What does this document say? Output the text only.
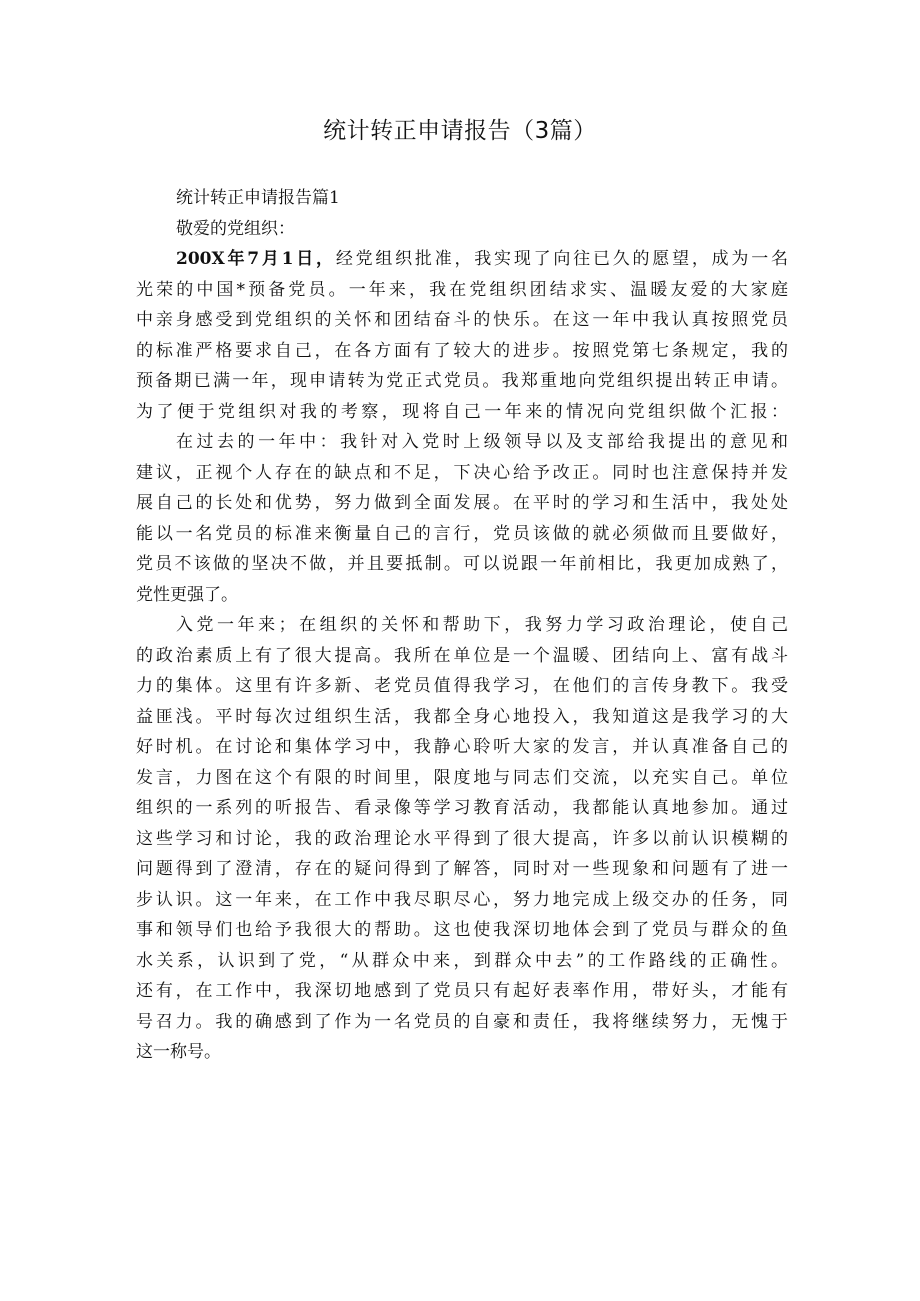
统计转正申请报告（3篇）
统计转正申请报告篇1
敬爱的党组织：
200X年7月1日，经党组织批准，我实现了向往已久的愿望，成为一名
光荣的中国*预备党员。一年来，我在党组织团结求实、温暖友爱的大家庭
中亲身感受到党组织的关怀和团结奋斗的快乐。在这一年中我认真按照党员
的标准严格要求自己，在各方面有了较大的进步。按照党第七条规定，我的
预备期已满一年，现申请转为党正式党员。我郑重地向党组织提出转正申请。
为了便于党组织对我的考察，现将自己一年来的情况向党组织做个汇报：
在过去的一年中：我针对入党时上级领导以及支部给我提出的意见和
建议，正视个人存在的缺点和不足，下决心给予改正。同时也注意保持并发
展自己的长处和优势，努力做到全面发展。在平时的学习和生活中，我处处
能以一名党员的标准来衡量自己的言行，党员该做的就必须做而且要做好，
党员不该做的坚决不做，并且要抵制。可以说跟一年前相比，我更加成熟了，
党性更强了。
入党一年来；在组织的关怀和帮助下，我努力学习政治理论，使自己
的政治素质上有了很大提高。我所在单位是一个温暖、团结向上、富有战斗
力的集体。这里有许多新、老党员值得我学习，在他们的言传身教下。我受
益匪浅。平时每次过组织生活，我都全身心地投入，我知道这是我学习的大
好时机。在讨论和集体学习中，我静心聆听大家的发言，并认真准备自己的
发言，力图在这个有限的时间里，限度地与同志们交流，以充实自己。单位
组织的一系列的听报告、看录像等学习教育活动，我都能认真地参加。通过
这些学习和讨论，我的政治理论水平得到了很大提高，许多以前认识模糊的
问题得到了澄清，存在的疑问得到了解答，同时对一些现象和问题有了进一
步认识。这一年来，在工作中我尽职尽心，努力地完成上级交办的任务，同
事和领导们也给予我很大的帮助。这也使我深切地体会到了党员与群众的鱼
水关系，认识到了党，“从群众中来，到群众中去”的工作路线的正确性。
还有，在工作中，我深切地感到了党员只有起好表率作用，带好头，才能有
号召力。我的确感到了作为一名党员的自豪和责任，我将继续努力，无愧于
这一称号。
